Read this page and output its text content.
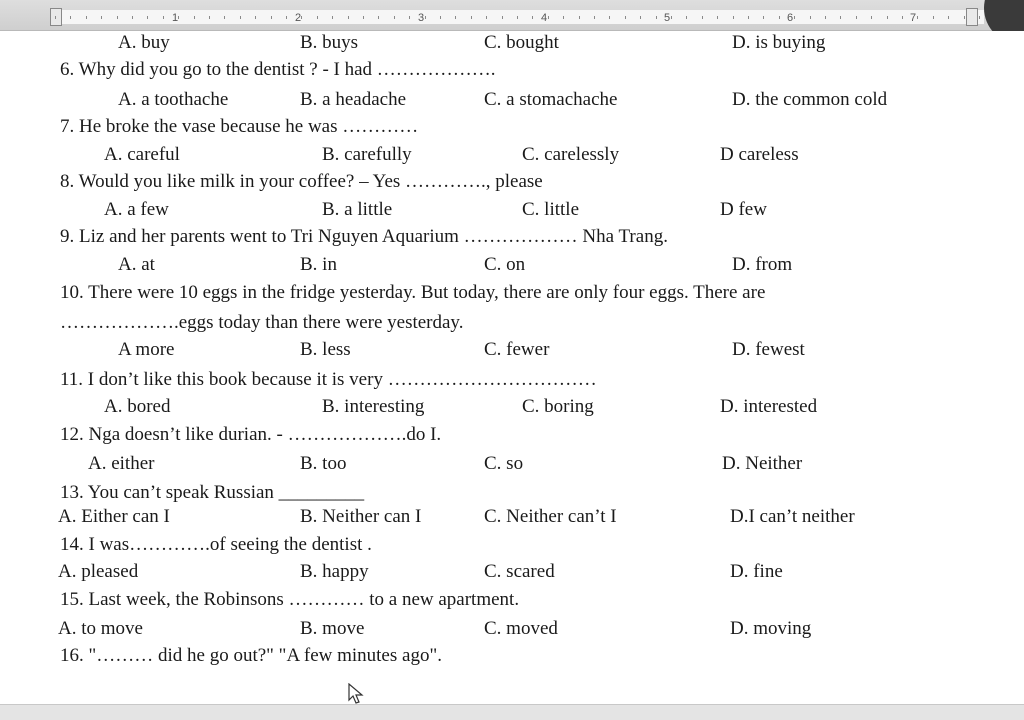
1	2	3	4	5	6	7
A. buy	B. buys	C. bought	D. is buying
6. Why did you go to the dentist ? - I had ……………….
A. a toothache	B. a headache	C. a stomachache	D. the common cold
7. He broke the vase because he was …………
A. careful	B. carefully	C. carelessly	D careless
8. Would you like milk in your coffee? – Yes …………., please
A. a few	B. a little	C. little	D few
9. Liz and her parents went to Tri Nguyen Aquarium ……………… Nha Trang.
A. at	B. in	C. on	D. from
10. There were 10 eggs in the fridge yesterday. But today, there are only four eggs. There are
……………….eggs today than there were yesterday.
A more	B. less	C. fewer	D. fewest
11. I don’t like this book because it is very ……………………………
A. bored	B. interesting	C. boring	D. interested
12. Nga doesn’t like durian. - ……………….do I.
A. either	B. too	C. so	D. Neither
13. You can’t speak Russian _________
A. Either can I	B. Neither can I	C. Neither can’t I	D.I can’t neither
14. I was………….of seeing the dentist .
A. pleased	B. happy	C. scared	D. fine
15. Last week, the Robinsons ………… to a new apartment.
A. to move	B. move	C. moved	D. moving
16. "……… did he go out?" "A few minutes ago".
